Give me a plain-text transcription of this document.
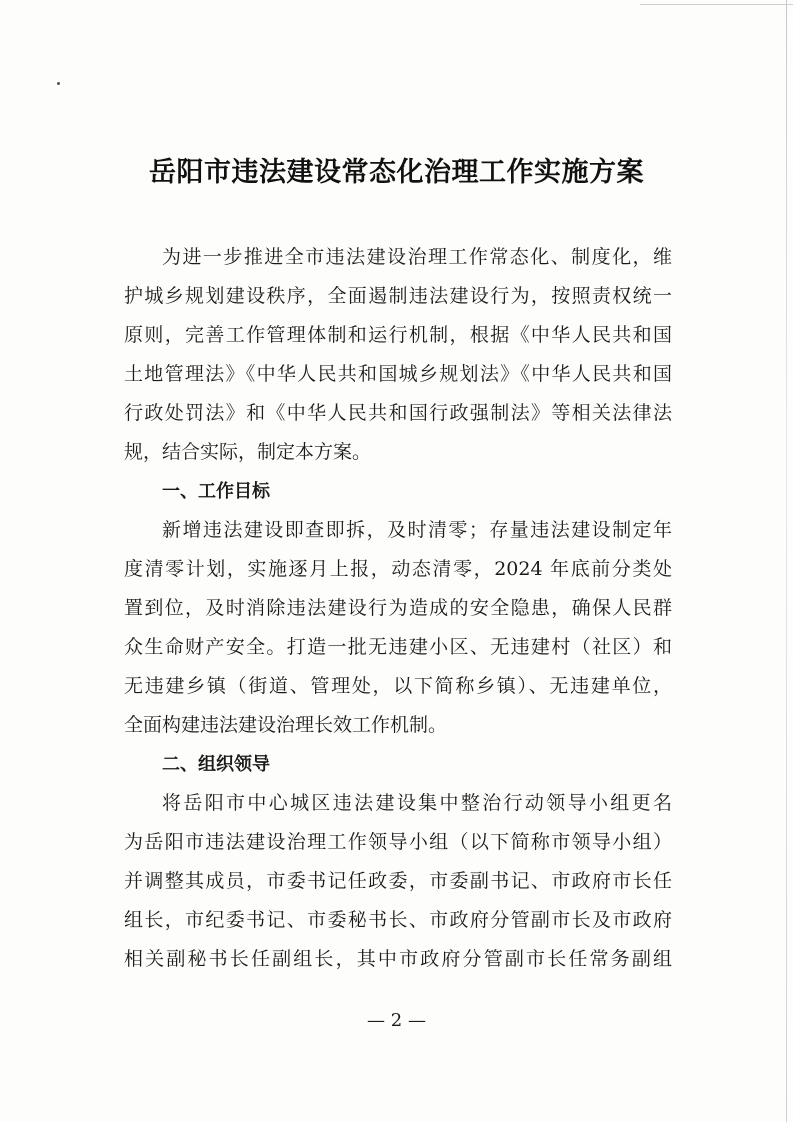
岳阳市违法建设常态化治理工作实施方案
为进一步推进全市违法建设治理工作常态化、制度化，维
护城乡规划建设秩序，全面遏制违法建设行为，按照责权统一
原则，完善工作管理体制和运行机制，根据《中华人民共和国
土地管理法》《中华人民共和国城乡规划法》《中华人民共和国
行政处罚法》和《中华人民共和国行政强制法》等相关法律法
规，结合实际，制定本方案。
一、工作目标
新增违法建设即查即拆，及时清零；存量违法建设制定年
度清零计划，实施逐月上报，动态清零，2024 年底前分类处
置到位，及时消除违法建设行为造成的安全隐患，确保人民群
众生命财产安全。打造一批无违建小区、无违建村（社区）和
无违建乡镇（街道、管理处，以下简称乡镇）、无违建单位，
全面构建违法建设治理长效工作机制。
二、组织领导
将岳阳市中心城区违法建设集中整治行动领导小组更名
为岳阳市违法建设治理工作领导小组（以下简称市领导小组）
并调整其成员，市委书记任政委，市委副书记、市政府市长任
组长，市纪委书记、市委秘书长、市政府分管副市长及市政府
相关副秘书长任副组长，其中市政府分管副市长任常务副组
— 2 —
